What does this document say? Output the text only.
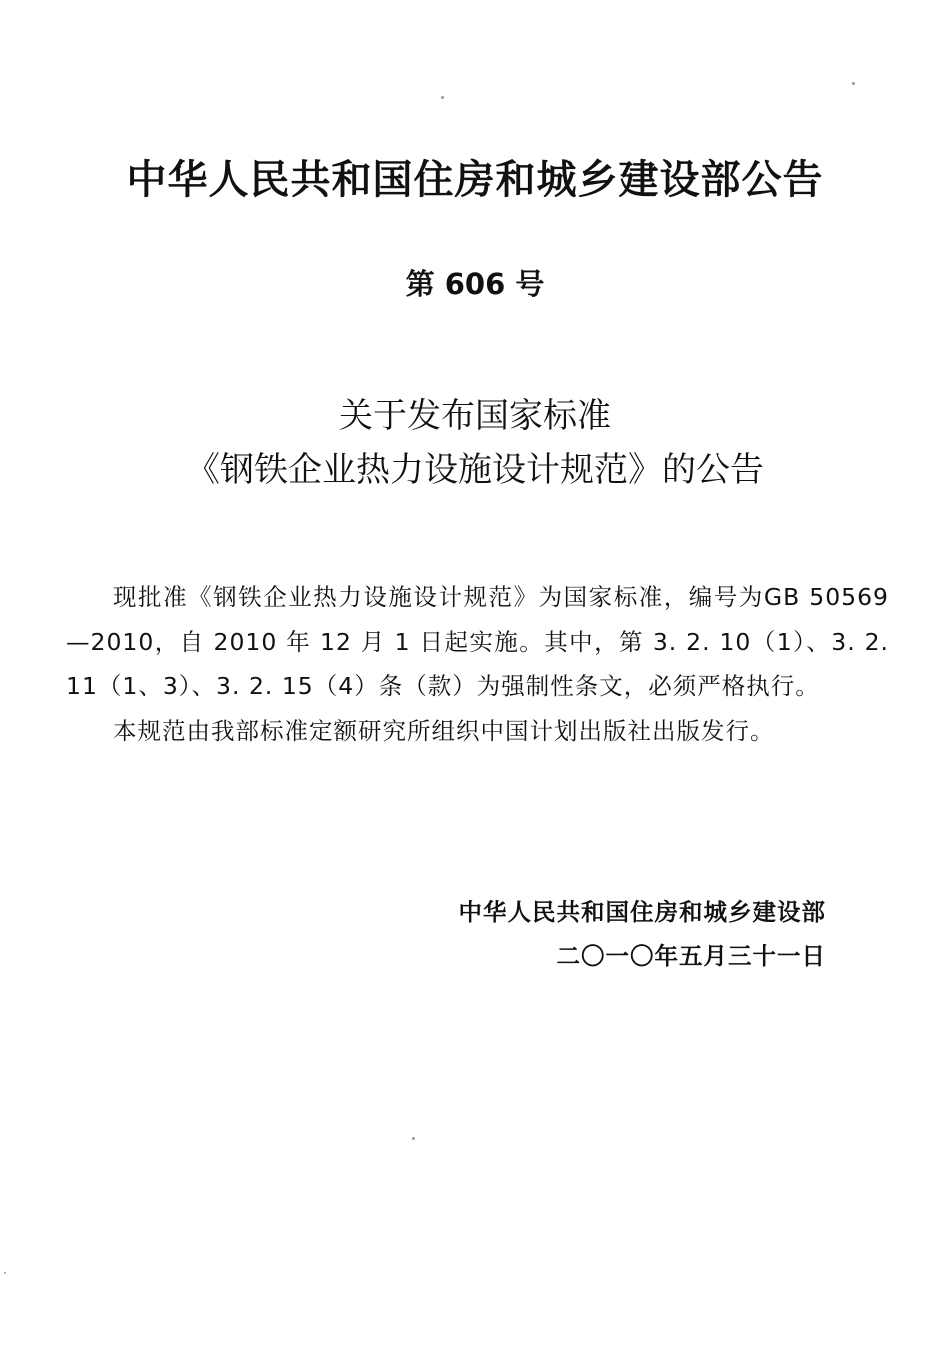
中华人民共和国住房和城乡建设部公告
第 606 号
关于发布国家标准
《钢铁企业热力设施设计规范》的公告

现批准《钢铁企业热力设施设计规范》为国家标准，编号为GB 50569—2010，自 2010 年 12 月 1 日起实施。其中，第 3. 2. 10（1）、3. 2. 11（1、3）、3. 2. 15（4）条（款）为强制性条文，必须严格执行。

本规范由我部标准定额研究所组织中国计划出版社出版发行。

中华人民共和国住房和城乡建设部
二〇一〇年五月三十一日
